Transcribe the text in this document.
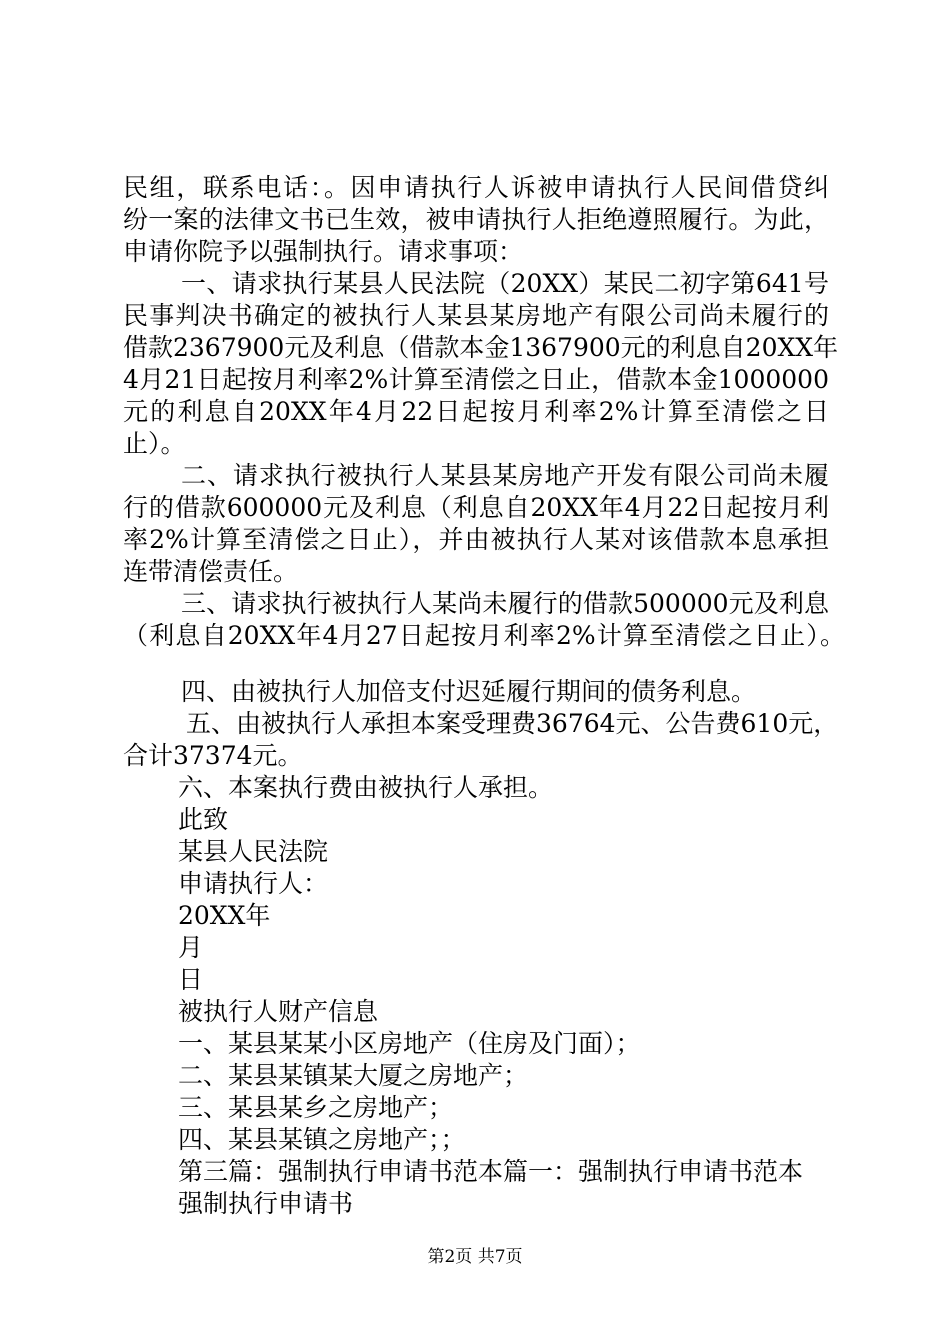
民组，联系电话：。因申请执行人诉被申请执行人民间借贷纠
纷一案的法律文书已生效，被申请执行人拒绝遵照履行。为此，
申请你院予以强制执行。请求事项：
一、请求执行某县人民法院（20XX）某民二初字第641号
民事判决书确定的被执行人某县某房地产有限公司尚未履行的
借款2367900元及利息（借款本金1367900元的利息自20XX年
4月21日起按月利率2%计算至清偿之日止，借款本金1000000
元的利息自20XX年4月22日起按月利率2%计算至清偿之日
止）。
二、请求执行被执行人某县某房地产开发有限公司尚未履
行的借款600000元及利息（利息自20XX年4月22日起按月利
率2%计算至清偿之日止），并由被执行人某对该借款本息承担
连带清偿责任。
三、请求执行被执行人某尚未履行的借款500000元及利息
（利息自20XX年4月27日起按月利率2%计算至清偿之日止）。
四、由被执行人加倍支付迟延履行期间的债务利息。
五、由被执行人承担本案受理费36764元、公告费610元，
合计37374元。
六、本案执行费由被执行人承担。
此致
某县人民法院
申请执行人：
20XX年
月
日
被执行人财产信息
一、某县某某小区房地产（住房及门面）；
二、某县某镇某大厦之房地产；
三、某县某乡之房地产；
四、某县某镇之房地产；；
第三篇：强制执行申请书范本篇一：强制执行申请书范本
强制执行申请书
第2页 共7页
